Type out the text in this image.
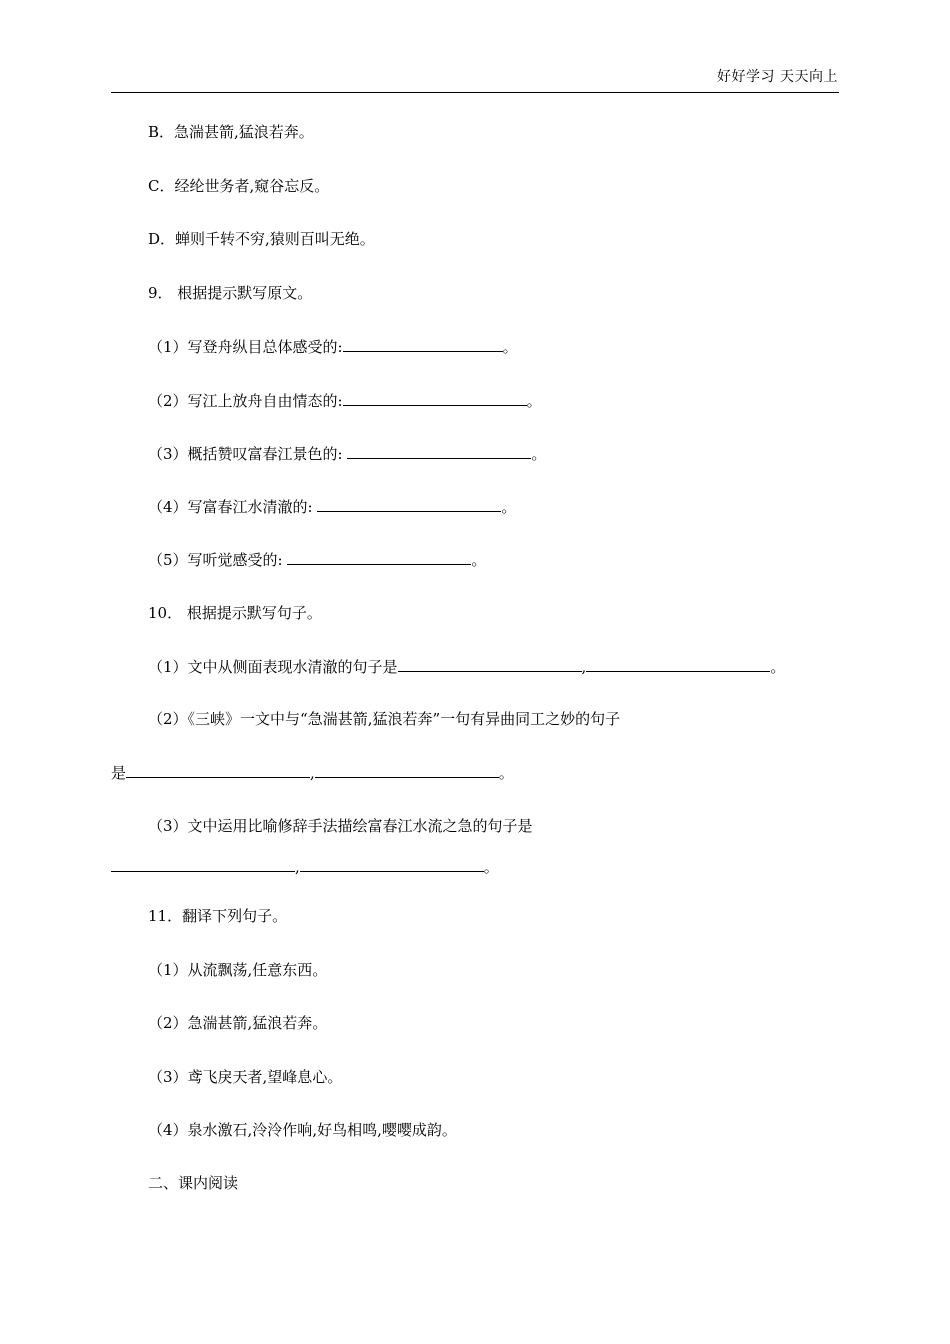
好好学习 天天向上
B．急湍甚箭,猛浪若奔。
C．经纶世务者,窥谷忘反。
D．蝉则千转不穷,猿则百叫无绝。
9． 根据提示默写原文。
（1）写登舟纵目总体感受的:	。
（2）写江上放舟自由情态的:	。
（3）概括赞叹富春江景色的:	。
（4）写富春江水清澈的:	。
（5）写听觉感受的:	。
10． 根据提示默写句子。
（1）文中从侧面表现水清澈的句子是	,	。
（2）《三峡》一文中与“急湍甚箭,猛浪若奔”一句有异曲同工之妙的句子
是	,	。
（3）文中运用比喻修辞手法描绘富春江水流之急的句子是
,	。
11．翻译下列句子。
（1）从流飘荡,任意东西。
（2）急湍甚箭,猛浪若奔。
（3）鸢飞戾天者,望峰息心。
（4）泉水激石,泠泠作响,好鸟相鸣,嘤嘤成韵。
二、课内阅读
